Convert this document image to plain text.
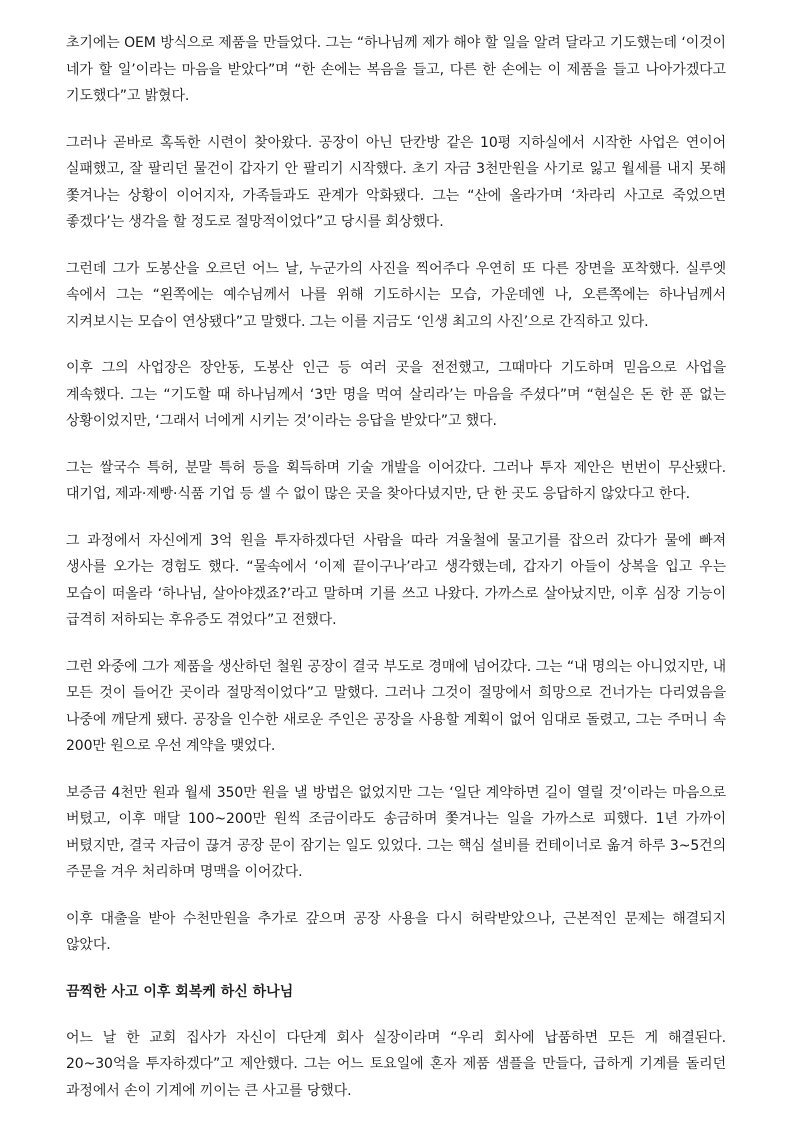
초기에는 OEM 방식으로 제품을 만들었다. 그는 “하나님께 제가 해야 할 일을 알려 달라고 기도했는데 ‘이것이 네가 할 일’이라는 마음을 받았다”며 “한 손에는 복음을 들고, 다른 한 손에는 이 제품을 들고 나아가겠다고 기도했다”고 밝혔다.

그러나 곧바로 혹독한 시련이 찾아왔다. 공장이 아닌 단칸방 같은 10평 지하실에서 시작한 사업은 연이어 실패했고, 잘 팔리던 물건이 갑자기 안 팔리기 시작했다. 초기 자금 3천만원을 사기로 잃고 월세를 내지 못해 쫓겨나는 상황이 이어지자, 가족들과도 관계가 악화됐다. 그는 “산에 올라가며 ‘차라리 사고로 죽었으면 좋겠다’는 생각을 할 정도로 절망적이었다”고 당시를 회상했다.

그런데 그가 도봉산을 오르던 어느 날, 누군가의 사진을 찍어주다 우연히 또 다른 장면을 포착했다. 실루엣 속에서 그는 “왼쪽에는 예수님께서 나를 위해 기도하시는 모습, 가운데엔 나, 오른쪽에는 하나님께서 지켜보시는 모습이 연상됐다”고 말했다. 그는 이를 지금도 ‘인생 최고의 사진’으로 간직하고 있다.

이후 그의 사업장은 장안동, 도봉산 인근 등 여러 곳을 전전했고, 그때마다 기도하며 믿음으로 사업을 계속했다. 그는 “기도할 때 하나님께서 ‘3만 명을 먹여 살리라’는 마음을 주셨다”며 “현실은 돈 한 푼 없는 상황이었지만, ‘그래서 너에게 시키는 것’이라는 응답을 받았다”고 했다.

그는 쌀국수 특허, 분말 특허 등을 획득하며 기술 개발을 이어갔다. 그러나 투자 제안은 번번이 무산됐다. 대기업, 제과·제빵·식품 기업 등 셀 수 없이 많은 곳을 찾아다녔지만, 단 한 곳도 응답하지 않았다고 한다.

그 과정에서 자신에게 3억 원을 투자하겠다던 사람을 따라 겨울철에 물고기를 잡으러 갔다가 물에 빠져 생사를 오가는 경험도 했다. “물속에서 ‘이제 끝이구나’라고 생각했는데, 갑자기 아들이 상복을 입고 우는 모습이 떠올라 ‘하나님, 살아야겠죠?’라고 말하며 기를 쓰고 나왔다. 가까스로 살아났지만, 이후 심장 기능이 급격히 저하되는 후유증도 겪었다”고 전했다.

그런 와중에 그가 제품을 생산하던 철원 공장이 결국 부도로 경매에 넘어갔다. 그는 “내 명의는 아니었지만, 내 모든 것이 들어간 곳이라 절망적이었다”고 말했다. 그러나 그것이 절망에서 희망으로 건너가는 다리였음을 나중에 깨닫게 됐다. 공장을 인수한 새로운 주인은 공장을 사용할 계획이 없어 임대로 돌렸고, 그는 주머니 속 200만 원으로 우선 계약을 맺었다.

보증금 4천만 원과 월세 350만 원을 낼 방법은 없었지만 그는 ‘일단 계약하면 길이 열릴 것’이라는 마음으로 버텼고, 이후 매달 100~200만 원씩 조금이라도 송금하며 쫓겨나는 일을 가까스로 피했다. 1년 가까이 버텼지만, 결국 자금이 끊겨 공장 문이 잠기는 일도 있었다. 그는 핵심 설비를 컨테이너로 옮겨 하루 3~5건의 주문을 겨우 처리하며 명맥을 이어갔다.

이후 대출을 받아 수천만원을 추가로 갚으며 공장 사용을 다시 허락받았으나, 근본적인 문제는 해결되지 않았다.

끔찍한 사고 이후 회복케 하신 하나님

어느 날 한 교회 집사가 자신이 다단계 회사 실장이라며 “우리 회사에 납품하면 모든 게 해결된다. 20~30억을 투자하겠다”고 제안했다. 그는 어느 토요일에 혼자 제품 샘플을 만들다, 급하게 기계를 돌리던 과정에서 손이 기계에 끼이는 큰 사고를 당했다.
